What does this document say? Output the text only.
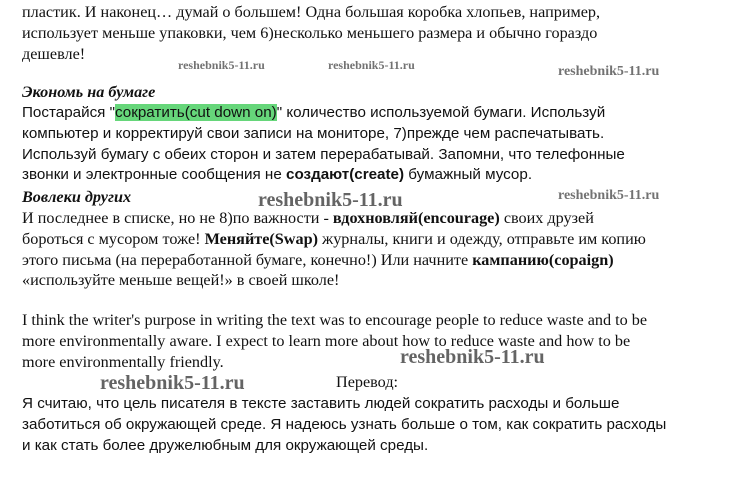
пластик. И наконец… думай о большем! Одна большая коробка хлопьев, например,
использует меньше упаковки, чем 6)несколько меньшего размера и обычно гораздо
дешевле!
Экономь на бумаге
Постарайся "сократить(cut down on)" количество используемой бумаги. Используй
компьютер и корректируй свои записи на мониторе, 7)прежде чем распечатывать.
Используй бумагу с обеих сторон и затем перерабатывай. Запомни, что телефонные
звонки и электронные сообщения не создают(create) бумажный мусор.
Вовлеки других
И последнее в списке, но не 8)по важности - вдохновляй(encourage) своих друзей
бороться с мусором тоже! Меняйте(Swap) журналы, книги и одежду, отправьте им копию
этого письма (на переработанной бумаге, конечно!) Или начните кампанию(copaign)
«используйте меньше вещей!» в своей школе!
I think the writer's purpose in writing the text was to encourage people to reduce waste and to be
more environmentally aware. I expect to learn more about how to reduce waste and how to be
more environmentally friendly.
Перевод:
Я считаю, что цель писателя в тексте заставить людей сократить расходы и больше
заботиться об окружающей среде. Я надеюсь узнать больше о том, как сократить расходы
и как стать более дружелюбным для окружающей среды.
reshebnik5-11.ru	reshebnik5-11.ru	reshebnik5-11.ru
reshebnik5-11.ru	reshebnik5-11.ru
reshebnik5-11.ru
reshebnik5-11.ru
